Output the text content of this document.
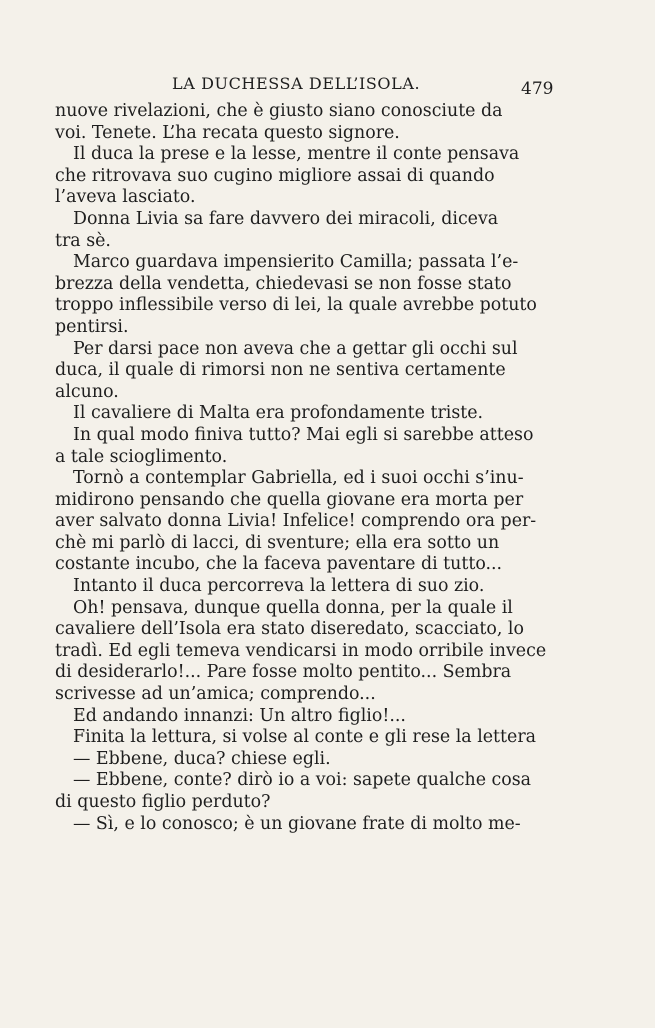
LA DUCHESSA DELL’ISOLA.	479

nuove rivelazioni, che è giusto siano conosciute da
voi. Tenete. L’ha recata questo signore.

Il duca la prese e la lesse, mentre il conte pensava
che ritrovava suo cugino migliore assai di quando
l’aveva lasciato.

Donna Livia sa fare davvero dei miracoli, diceva
tra sè.

Marco guardava impensierito Camilla; passata l’e-
brezza della vendetta, chiedevasi se non fosse stato
troppo inflessibile verso di lei, la quale avrebbe potuto
pentirsi.

Per darsi pace non aveva che a gettar gli occhi sul
duca, il quale di rimorsi non ne sentiva certamente
alcuno.

Il cavaliere di Malta era profondamente triste.

In qual modo finiva tutto? Mai egli si sarebbe atteso
a tale scioglimento.

Tornò a contemplar Gabriella, ed i suoi occhi s’inu-
midirono pensando che quella giovane era morta per
aver salvato donna Livia! Infelice! comprendo ora per-
chè mi parlò di lacci, di sventure; ella era sotto un
costante incubo, che la faceva paventare di tutto...

Intanto il duca percorreva la lettera di suo zio.

Oh! pensava, dunque quella donna, per la quale il
cavaliere dell’Isola era stato diseredato, scacciato, lo
tradì. Ed egli temeva vendicarsi in modo orribile invece
di desiderarlo!... Pare fosse molto pentito... Sembra
scrivesse ad un’amica; comprendo...

Ed andando innanzi: Un altro figlio!...

Finita la lettura, si volse al conte e gli rese la lettera

— Ebbene, duca? chiese egli.

— Ebbene, conte? dirò io a voi: sapete qualche cosa
di questo figlio perduto?

— Sì, e lo conosco; è un giovane frate di molto me-
